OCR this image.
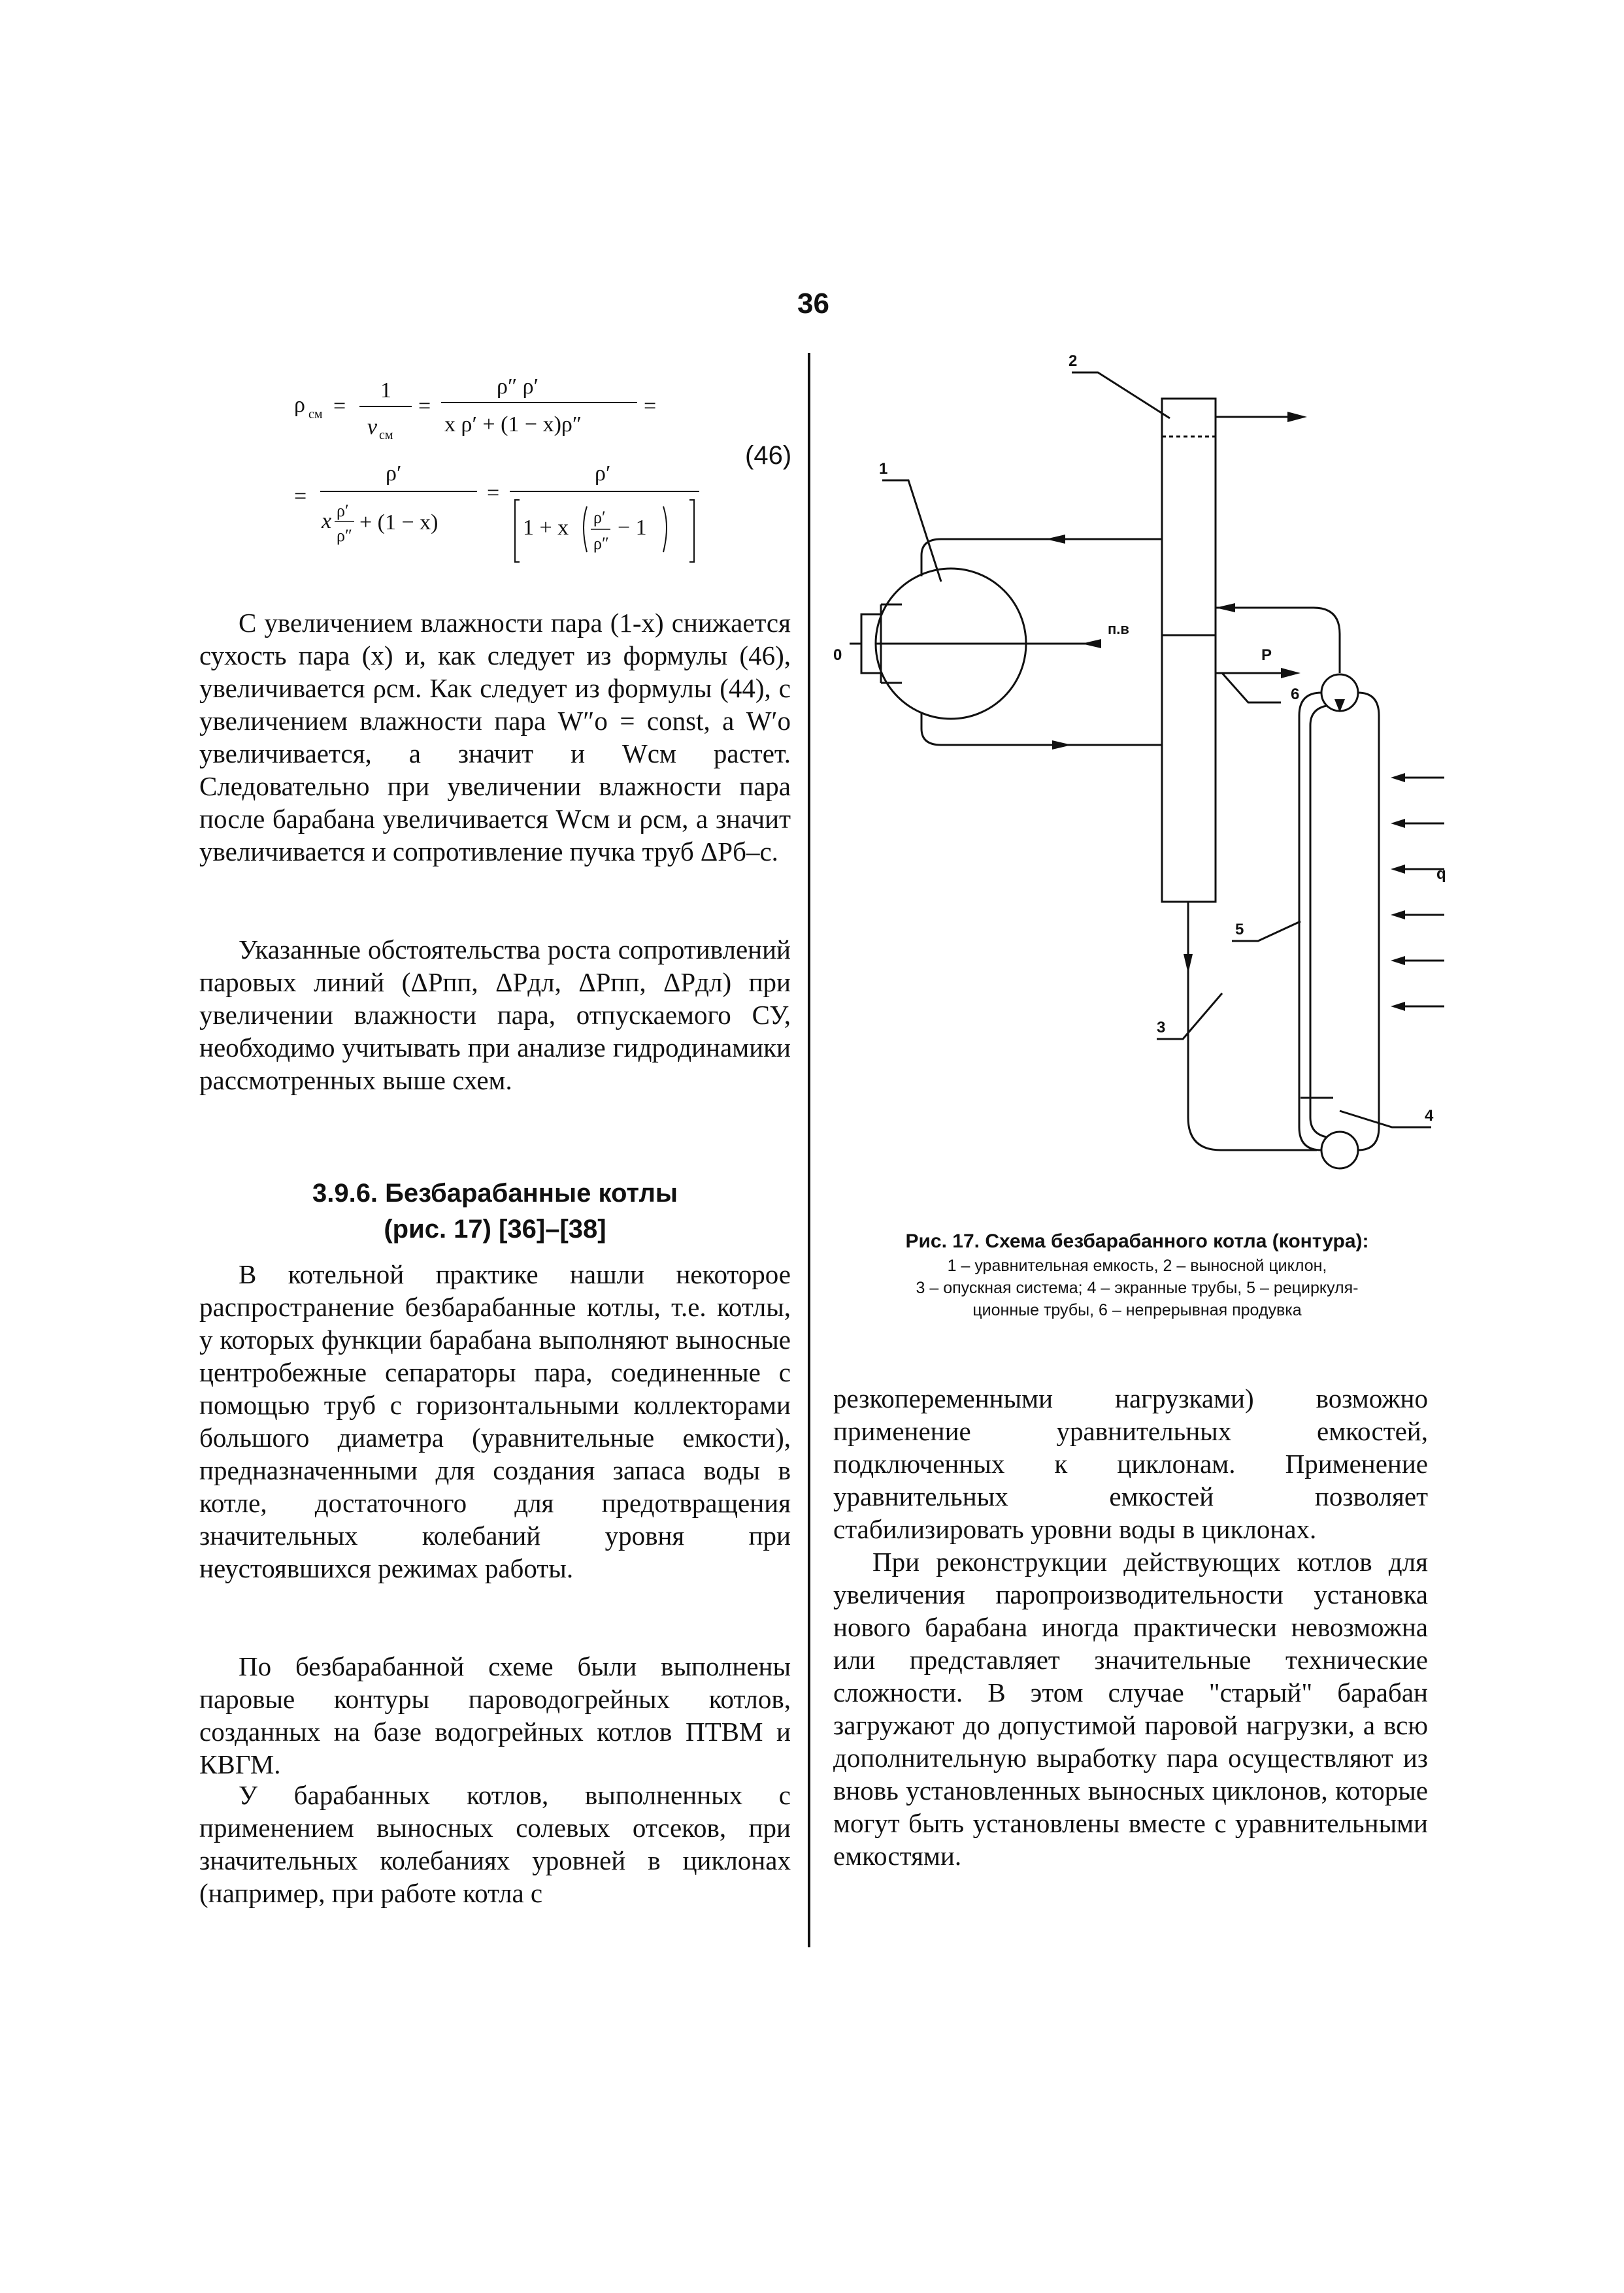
36
ρ см =
1
v см
=
ρ″ ρ′
x ρ′ + (1 − x)ρ″
=
=
ρ′
x ρ′
ρ″
+ (1 − x)
=
ρ′
1 + x ρ′
ρ″
− 1
(46)

С увеличением влажности пара (1-x) снижается сухость пара (x) и, как следует из формулы (46), увеличивается ρсм. Как следует из формулы (44), с увеличением влажности пара W″о = const, а W′о увеличивается, а значит и Wсм растет. Следовательно при увеличении влажности пара после барабана увеличивается Wсм и ρсм, а значит увеличивается и сопротивление пучка труб ΔPб–с.

Указанные обстоятельства роста сопротивлений паровых линий (ΔPпп, ΔPдл, ΔPпп, ΔPдл) при увеличении влажности пара, отпускаемого СУ, необходимо учитывать при анализе гидродинамики рассмотренных выше схем.

3.9.6. Безбарабанные котлы
(рис. 17) [36]–[38]

В котельной практике нашли некоторое распространение безбарабанные котлы, т.е. котлы, у которых функции барабана выполняют выносные центробежные сепараторы пара, соединенные с помощью труб с горизонтальными коллекторами большого диаметра (уравнительные емкости), предназначенными для создания запаса воды в котле, достаточного для предотвращения значительных колебаний уровня при неустоявшихся режимах работы.

По безбарабанной схеме были выполнены паровые контуры пароводогрейных котлов, созданных на базе водогрейных котлов ПТВМ и КВГМ.

У барабанных котлов, выполненных с применением выносных солевых отсеков, при значительных колебаниях уровней в циклонах (например, при работе котла с

2
1
0
п.в
Р
6
5
3
4
q
Рис. 17. Схема безбарабанного котла (контура):
1 – уравнительная емкость, 2 – выносной циклон,
3 – опускная система; 4 – экранные трубы, 5 – рециркуля-
ционные трубы, 6 – непрерывная продувка

резкопеременными нагрузками) возможно применение уравнительных емкостей, подключенных к циклонам. Применение уравнительных емкостей позволяет стабилизировать уровни воды в циклонах.

При реконструкции действующих котлов для увеличения паропроизводительности установка нового барабана иногда практически невозможна или представляет значительные технические сложности. В этом случае "старый" барабан загружают до допустимой паровой нагрузки, а всю дополнительную выработку пара осуществляют из вновь установленных выносных циклонов, которые могут быть установлены вместе с уравнительными емкостями.
